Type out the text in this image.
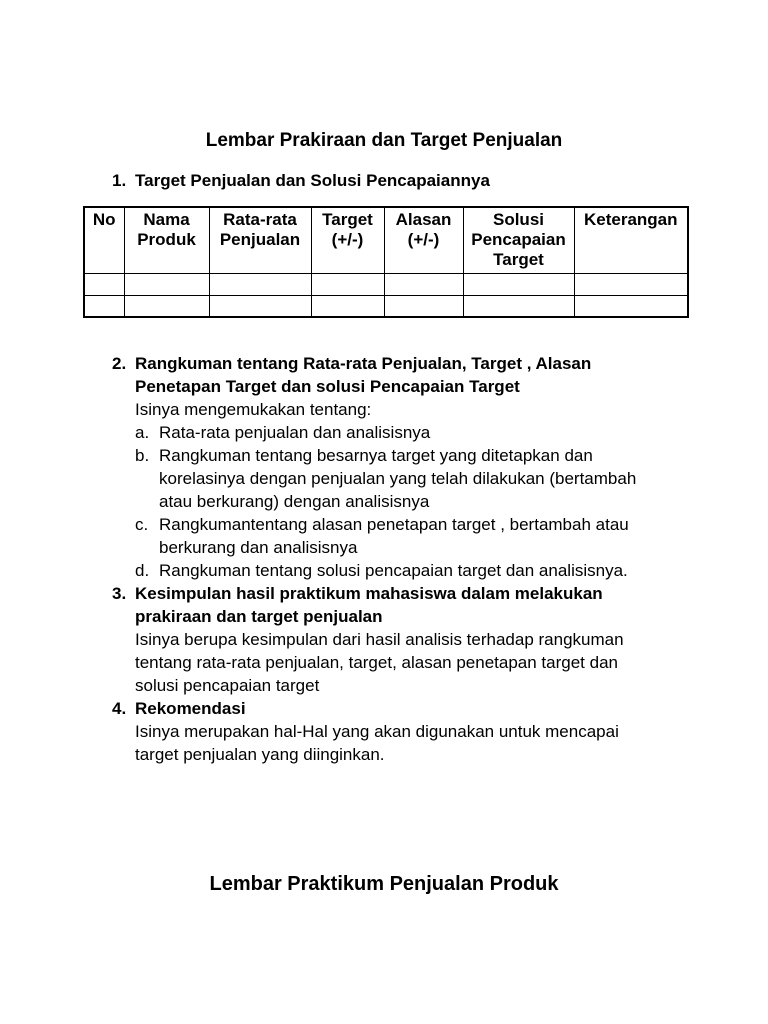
Lembar Prakiraan dan Target Penjualan
1. Target Penjualan dan Solusi Pencapaiannya
No	Nama Produk	Rata-rata Penjualan	Target (+/-)	Alasan (+/-)	Solusi Pencapaian Target	Keterangan

2. Rangkuman tentang Rata-rata Penjualan, Target , Alasan Penetapan Target dan solusi Pencapaian Target
Isinya mengemukakan tentang:
a. Rata-rata penjualan dan analisisnya
b. Rangkuman tentang besarnya target yang ditetapkan dan korelasinya dengan penjualan yang telah dilakukan (bertambah atau berkurang) dengan analisisnya
c. Rangkumantentang alasan penetapan target , bertambah atau berkurang dan analisisnya
d. Rangkuman tentang solusi pencapaian target dan analisisnya.
3. Kesimpulan hasil praktikum mahasiswa dalam melakukan prakiraan dan target penjualan
Isinya berupa kesimpulan dari hasil analisis terhadap rangkuman tentang rata-rata penjualan, target, alasan penetapan target dan solusi pencapaian target
4. Rekomendasi
Isinya merupakan hal-Hal yang akan digunakan untuk mencapai target penjualan yang diinginkan.
Lembar Praktikum Penjualan Produk
